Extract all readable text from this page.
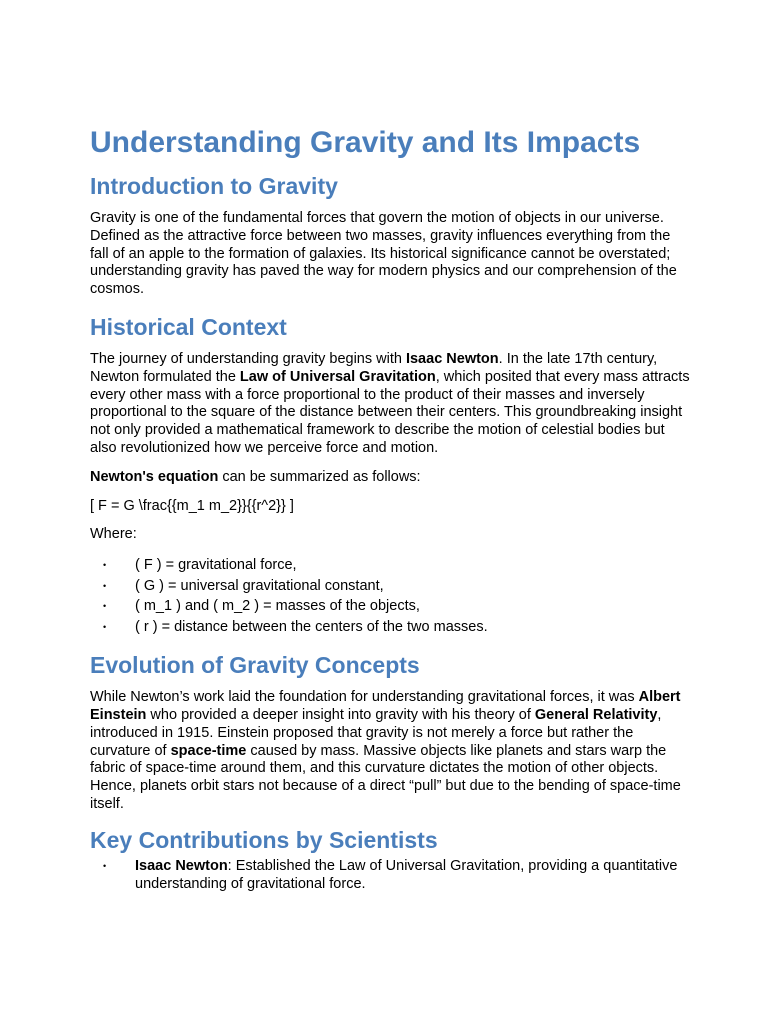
Understanding Gravity and Its Impacts
Introduction to Gravity

Gravity is one of the fundamental forces that govern the motion of objects in our universe. Defined as the attractive force between two masses, gravity influences everything from the fall of an apple to the formation of galaxies. Its historical significance cannot be overstated; understanding gravity has paved the way for modern physics and our comprehension of the cosmos.

Historical Context

The journey of understanding gravity begins with Isaac Newton. In the late 17th century, Newton formulated the Law of Universal Gravitation, which posited that every mass attracts every other mass with a force proportional to the product of their masses and inversely proportional to the square of the distance between their centers. This groundbreaking insight not only provided a mathematical framework to describe the motion of celestial bodies but also revolutionized how we perceive force and motion.

Newton's equation can be summarized as follows:

[ F = G \frac{{m_1 m_2}}{{r^2}} ]

Where:

• ( F ) = gravitational force,
• ( G ) = universal gravitational constant,
• ( m_1 ) and ( m_2 ) = masses of the objects,
• ( r ) = distance between the centers of the two masses.
Evolution of Gravity Concepts

While Newton’s work laid the foundation for understanding gravitational forces, it was Albert Einstein who provided a deeper insight into gravity with his theory of General Relativity, introduced in 1915. Einstein proposed that gravity is not merely a force but rather the curvature of space-time caused by mass. Massive objects like planets and stars warp the fabric of space-time around them, and this curvature dictates the motion of other objects. Hence, planets orbit stars not because of a direct “pull” but due to the bending of space-time itself.

Key Contributions by Scientists
• Isaac Newton: Established the Law of Universal Gravitation, providing a quantitative understanding of gravitational force.
